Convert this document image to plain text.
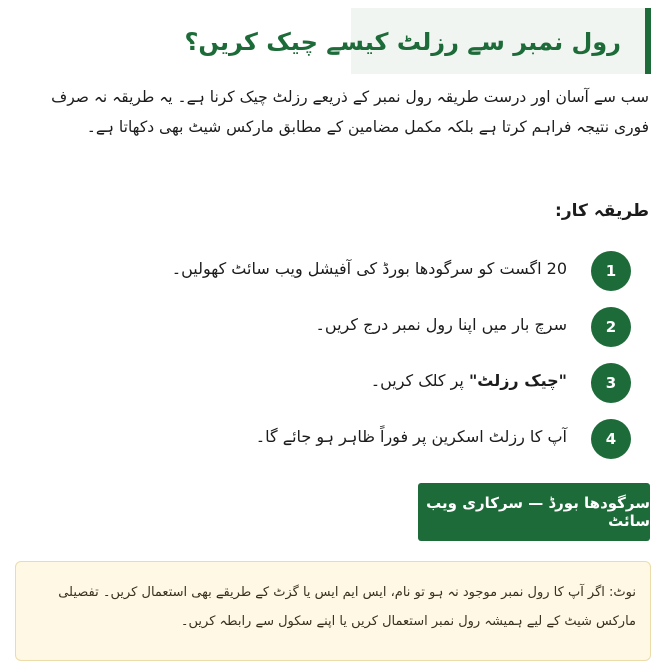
رول نمبر سے رزلٹ کیسے چیک کریں؟

سب سے آسان اور درست طریقہ رول نمبر کے ذریعے رزلٹ چیک کرنا ہے۔ یہ طریقہ نہ صرف فوری نتیجہ فراہم کرتا ہے بلکہ مکمل مضامین کے مطابق مارکس شیٹ بھی دکھاتا ہے۔

طریقہ کار:
1
20 اگست کو سرگودھا بورڈ کی آفیشل ویب سائٹ کھولیں۔
2
سرچ بار میں اپنا رول نمبر درج کریں۔
3
"چیک رزلٹ" پر کلک کریں۔
4
آپ کا رزلٹ اسکرین پر فوراً ظاہر ہو جائے گا۔
سرگودھا بورڈ — سرکاری ویب سائٹ
نوٹ: اگر آپ کا رول نمبر موجود نہ ہو تو نام، ایس ایم ایس یا گزٹ کے طریقے بھی استعمال کریں۔ تفصیلی مارکس شیٹ کے لیے ہمیشہ رول نمبر استعمال کریں یا اپنے سکول سے رابطہ کریں۔
